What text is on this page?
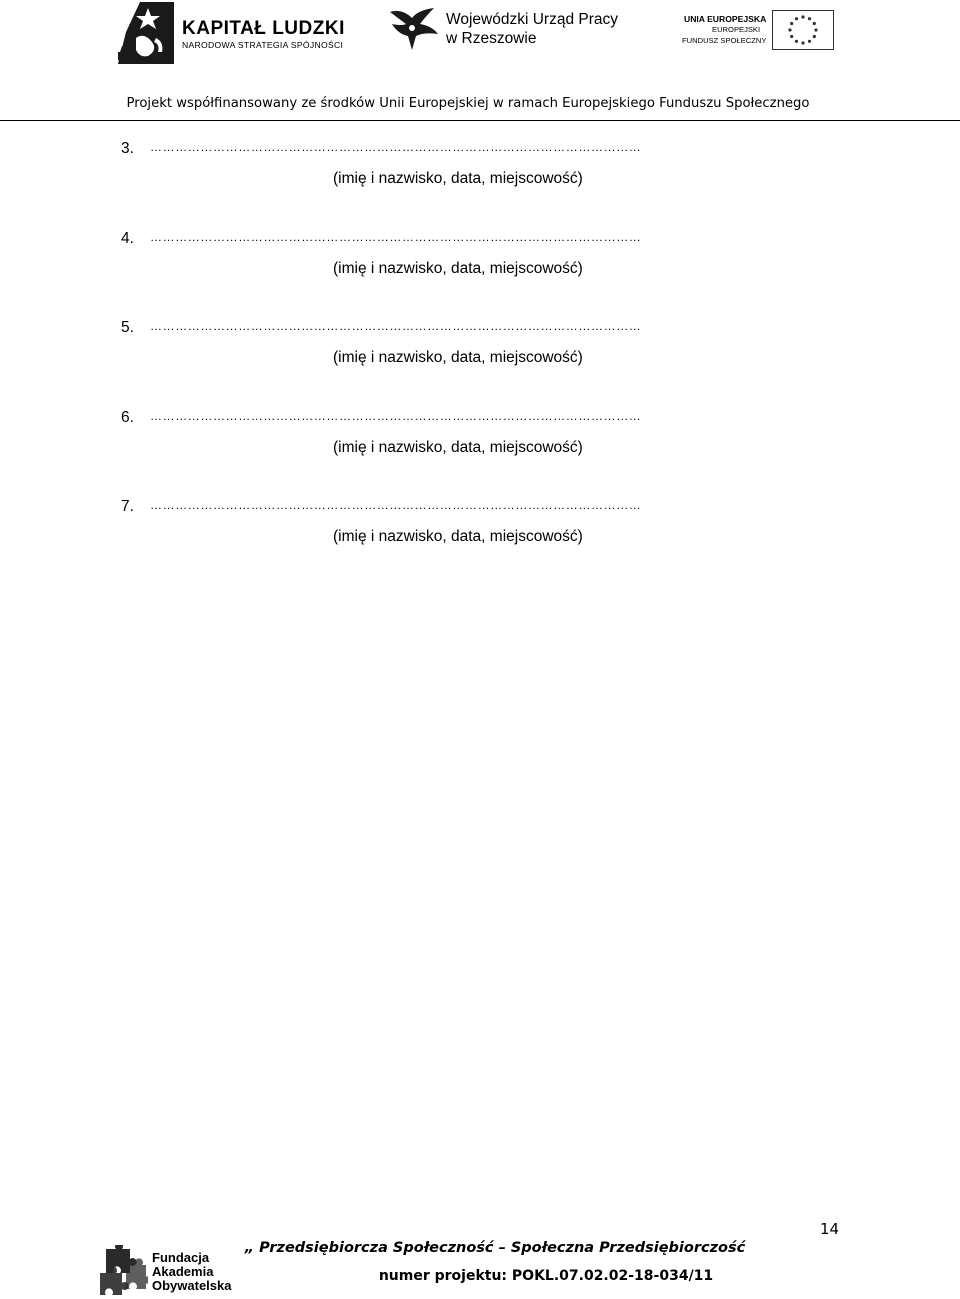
KAPITAŁ LUDZKI
NARODOWA STRATEGIA SPÓJNOŚCI
Wojewódzki Urząd Pracy
w Rzeszowie
UNIA EUROPEJSKA
EUROPEJSKI
FUNDUSZ SPOŁECZNY
Projekt współfinansowany ze środków Unii Europejskiej w ramach Europejskiego Funduszu Społecznego
3. ………………………………………………………………………………………………………
(imię i nazwisko, data, miejscowość)
4. ………………………………………………………………………………………………………
(imię i nazwisko, data, miejscowość)
5. ………………………………………………………………………………………………………
(imię i nazwisko, data, miejscowość)
6. ………………………………………………………………………………………………………
(imię i nazwisko, data, miejscowość)
7. ………………………………………………………………………………………………………
(imię i nazwisko, data, miejscowość)
14
Fundacja
Akademia
Obywatelska
„ Przedsiębiorcza Społeczność – Społeczna Przedsiębiorczość
numer projektu: POKL.07.02.02-18-034/11
